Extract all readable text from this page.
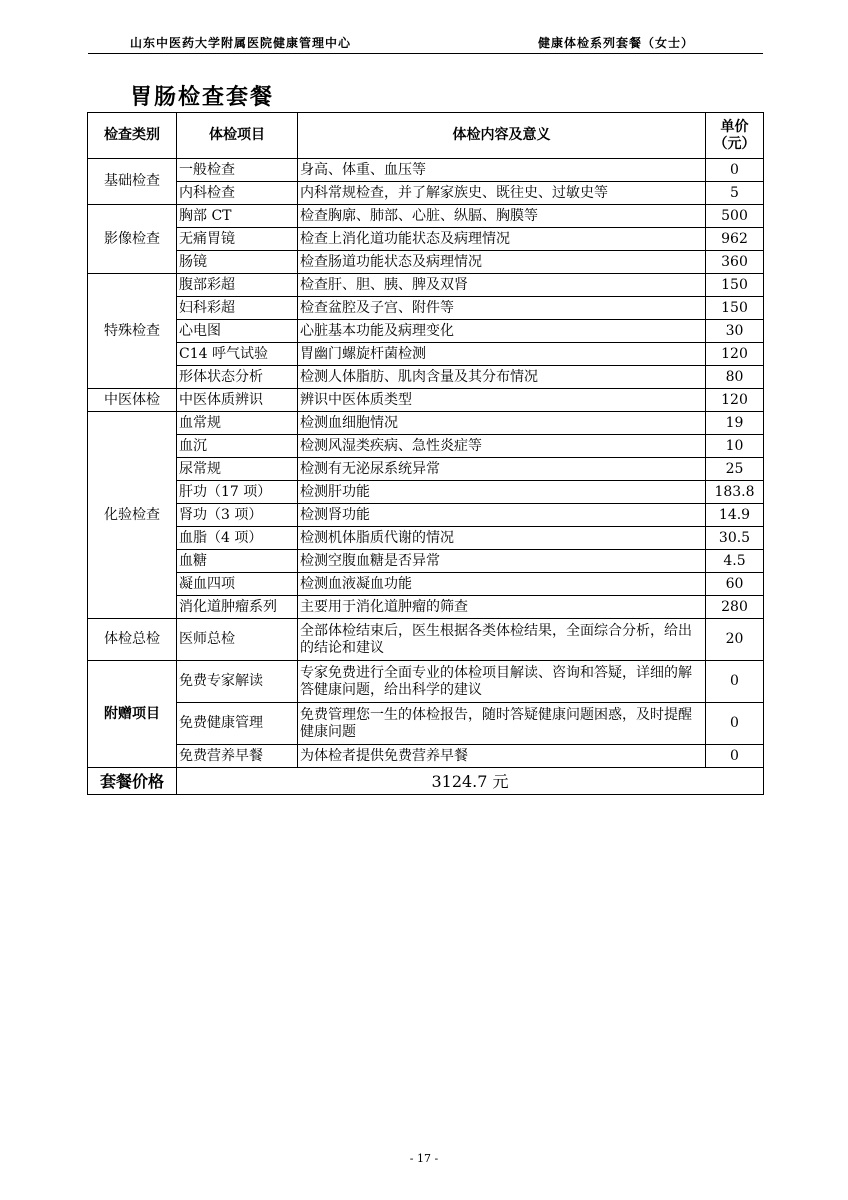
山东中医药大学附属医院健康管理中心	健康体检系列套餐（女士）
胃肠检查套餐
检查类别	体检项目	体检内容及意义	单价（元）
基础检查	一般检查	身高、体重、血压等	0
	内科检查	内科常规检查，并了解家族史、既往史、过敏史等	5
影像检查	胸部 CT	检查胸廓、肺部、心脏、纵膈、胸膜等	500
	无痛胃镜	检查上消化道功能状态及病理情况	962
	肠镜	检查肠道功能状态及病理情况	360
特殊检查	腹部彩超	检查肝、胆、胰、脾及双肾	150
	妇科彩超	检查盆腔及子宫、附件等	150
	心电图	心脏基本功能及病理变化	30
	C14 呼气试验	胃幽门螺旋杆菌检测	120
	形体状态分析	检测人体脂肪、肌肉含量及其分布情况	80
中医体检	中医体质辨识	辨识中医体质类型	120
化验检查	血常规	检测血细胞情况	19
	血沉	检测风湿类疾病、急性炎症等	10
	尿常规	检测有无泌尿系统异常	25
	肝功（17 项）	检测肝功能	183.8
	肾功（3 项）	检测肾功能	14.9
	血脂（4 项）	检测机体脂质代谢的情况	30.5
	血糖	检测空腹血糖是否异常	4.5
	凝血四项	检测血液凝血功能	60
	消化道肿瘤系列	主要用于消化道肿瘤的筛查	280
体检总检	医师总检	全部体检结束后，医生根据各类体检结果，全面综合分析，给出的结论和建议	20
附赠项目	免费专家解读	专家免费进行全面专业的体检项目解读、咨询和答疑，详细的解答健康问题，给出科学的建议	0
	免费健康管理	免费管理您一生的体检报告，随时答疑健康问题困惑，及时提醒健康问题	0
	免费营养早餐	为体检者提供免费营养早餐	0
套餐价格	3124.7 元		
- 17 -
